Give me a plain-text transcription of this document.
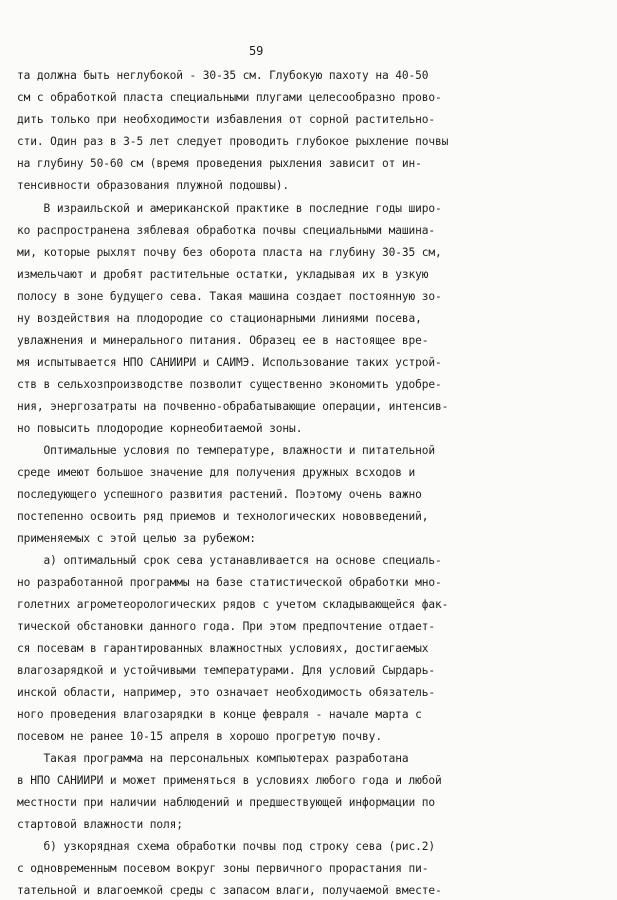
59
та должна быть неглубокой - 30-35 см. Глубокую пахоту на 40-50
см с обработкой пласта специальными плугами целесообразно прово-
дить только при необходимости избавления от сорной растительно-
сти. Один раз в 3-5 лет следует проводить глубокое рыхление почвы
на глубину 50-60 см (время проведения рыхления зависит от ин-
тенсивности образования плужной подошвы).
В израильской и американской практике в последние годы широ-
ко распространена зяблевая обработка почвы специальными машина-
ми, которые рыхлят почву без оборота пласта на глубину 30-35 см,
измельчают и дробят растительные остатки, укладывая их в узкую
полосу в зоне будущего сева. Такая машина создает постоянную зо-
ну воздействия на плодородие со стационарными линиями посева,
увлажнения и минерального питания. Образец ее в настоящее вре-
мя испытывается НПО САНИИРИ и САИМЭ. Использование таких устрой-
ств в сельхозпроизводстве позволит существенно экономить удобре-
ния, энергозатраты на почвенно-обрабатывающие операции, интенсив-
но повысить плодородие корнеобитаемой зоны.
Оптимальные условия по температуре, влажности и питательной
среде имеют большое значение для получения дружных всходов и
последующего успешного развития растений. Поэтому очень важно
постепенно освоить ряд приемов и технологических нововведений,
применяемых с этой целью за рубежом:
а) оптимальный срок сева устанавливается на основе специаль-
но разработанной программы на базе статистической обработки мно-
голетних агрометеорологических рядов с учетом складывающейся фак-
тической обстановки данного года. При этом предпочтение отдает-
ся посевам в гарантированных влажностных условиях, достигаемых
влагозарядкой и устойчивыми температурами. Для условий Сырдарь-
инской области, например, это означает необходимость обязатель-
ного проведения влагозарядки в конце февраля - начале марта с
посевом не ранее 10-15 апреля в хорошо прогретую почву.
Такая программа на персональных компьютерах разработана
в НПО САНИИРИ и может применяться в условиях любого года и любой
местности при наличии наблюдений и предшествующей информации по
стартовой влажности поля;
б) узкорядная схема обработки почвы под строку сева (рис.2)
с одновременным посевом вокруг зоны первичного прорастания пи-
тательной и влагоемкой среды с запасом влаги, получаемой вместе-
